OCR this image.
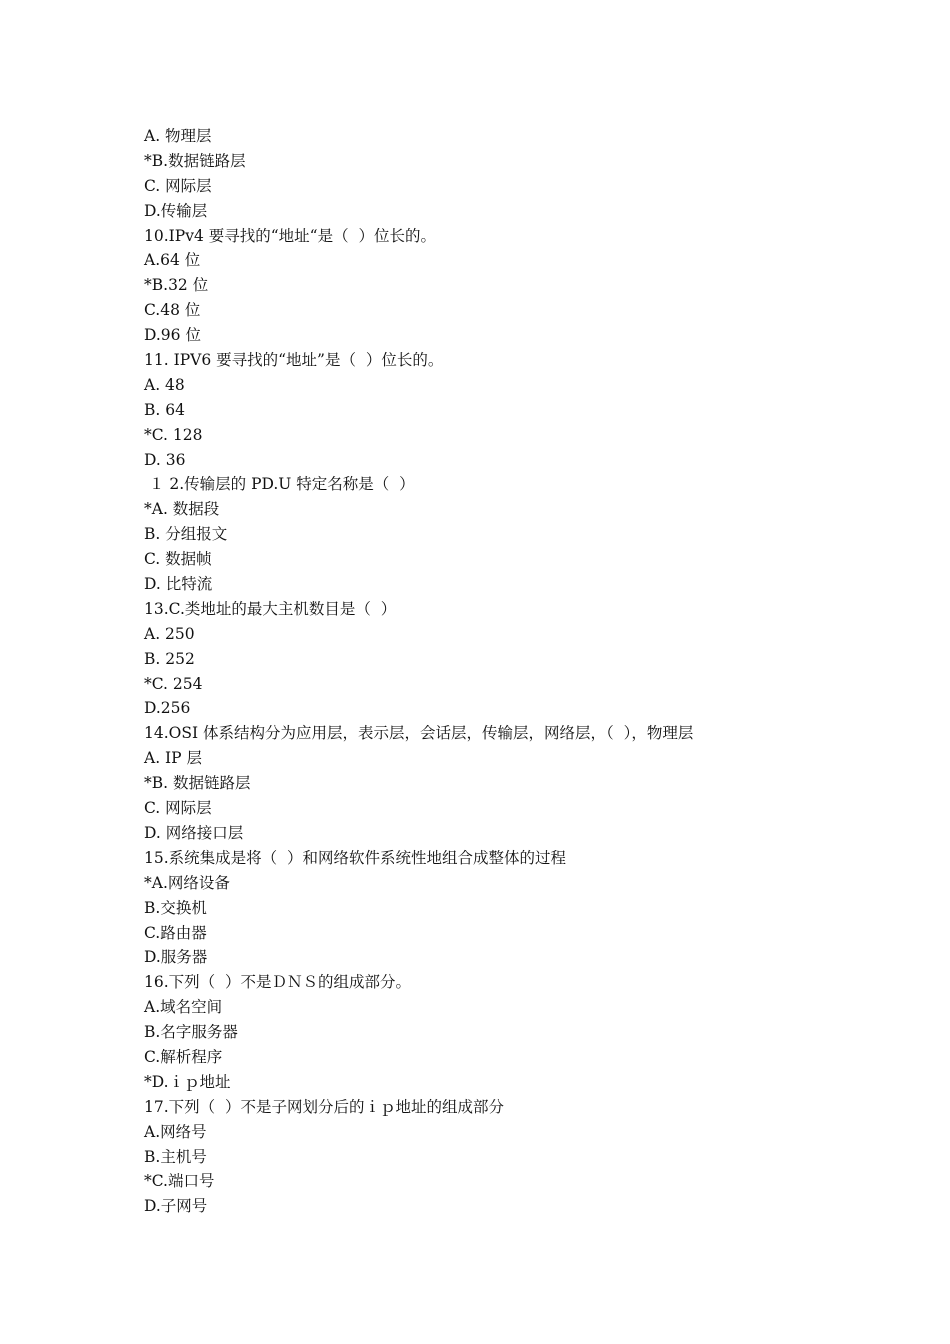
A. 物理层

*B.数据链路层

C. 网际层

D.传输层

10.IPv4 要寻找的“地址“是（  ）位长的。

A.64 位

*B.32 位

C.48 位

D.96 位

11. IPV6 要寻找的“地址”是（  ）位长的。

A. 48

B. 64

*C. 128

D. 36

１ 2.传输层的 PD.U 特定名称是（  ）

*A. 数据段

B. 分组报文

C. 数据帧

D. 比特流

13.C.类地址的最大主机数目是（  ）

A. 250

B. 252

*C. 254

D.256

14.OSI 体系结构分为应用层，表示层，会话层，传输层，网络层，（  ），物理层

A. IP 层

*B. 数据链路层

C. 网际层

D. 网络接口层

15.系统集成是将（  ）和网络软件系统性地组合成整体的过程

*A.网络设备

B.交换机

C.路由器

D.服务器

16.下列（  ）不是ＤＮＳ的组成部分。

A.域名空间

B.名字服务器

C.解析程序

*D.ｉｐ地址

17.下列（  ）不是子网划分后的ｉｐ地址的组成部分

A.网络号

B.主机号

*C.端口号

D.子网号
